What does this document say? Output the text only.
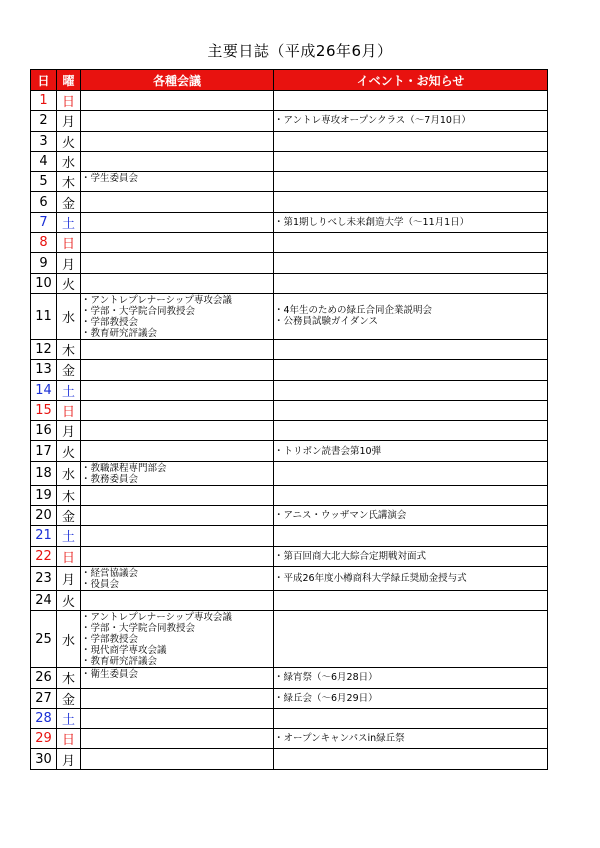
主要日誌（平成26年6月）
日	曜	各種会議	イベント・お知らせ
1	日	

2	月		・アントレ専攻オープンクラス（～7月10日）

3	火	

4	水	

5	木	・学生委員会	

6	金	

7	土		・第1期しりべし未来創造大学（～11月1日）

8	日	

9	月	

10	火	

11	水	・アントレプレナーシップ専攻会議
・学部・大学院合同教授会
・学部教授会
・教育研究評議会	・4年生のための緑丘合同企業説明会
・公務員試験ガイダンス

12	木	

13	金	

14	土	

15	日	

16	月	

17	火		・トリボン読書会第10弾

18	水	・教職課程専門部会
・教務委員会	

19	木	

20	金		・アニス・ウッザマン氏講演会

21	土	

22	日		・第百回商大北大綜合定期戦対面式

23	月	・経営協議会
・役員会	・平成26年度小樽商科大学緑丘奨励金授与式

24	火	

25	水	・アントレプレナーシップ専攻会議
・学部・大学院合同教授会
・学部教授会
・現代商学専攻会議
・教育研究評議会	

26	木	・衛生委員会	・緑宵祭（～6月28日）

27	金		・緑丘会（～6月29日）

28	土	

29	日		・オープンキャンパスin緑丘祭

30	月	
